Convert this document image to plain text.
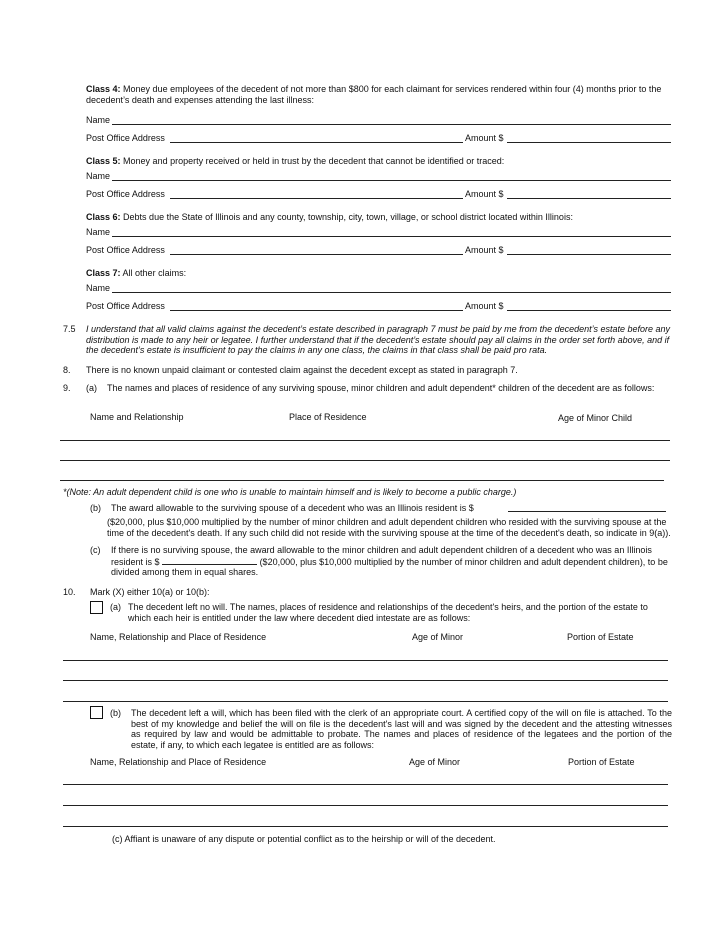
Class 4: Money due employees of the decedent of not more than $800 for each claimant for services rendered within four (4) months prior to the decedent’s death and expenses attending the last illness:
Name
Post Office Address	Amount $
Class 5: Money and property received or held in trust by the decedent that cannot be identified or traced:
Name
Post Office Address	Amount $
Class 6: Debts due the State of Illinois and any county, township, city, town, village, or school district located within Illinois:
Name
Post Office Address	Amount $
Class 7: All other claims:
Name
Post Office Address	Amount $
7.5 I understand that all valid claims against the decedent’s estate described in paragraph 7 must be paid by me from the decedent’s estate before any distribution is made to any heir or legatee. I further understand that if the decedent’s estate should pay all claims in the order set forth above, and if the decedent’s estate is insufficient to pay the claims in any one class, the claims in that class shall be paid pro rata.
8. There is no known unpaid claimant or contested claim against the decedent except as stated in paragraph 7.
9. (a) The names and places of residence of any surviving spouse, minor children and adult dependent* children of the decedent are as follows:
Name and Relationship	Place of Residence	Age of Minor Child
*(Note: An adult dependent child is one who is unable to maintain himself and is likely to become a public charge.)
(b) The award allowable to the surviving spouse of a decedent who was an Illinois resident is $
($20,000, plus $10,000 multiplied by the number of minor children and adult dependent children who resided with the surviving spouse at the time of the decedent's death. If any such child did not reside with the surviving spouse at the time of the decedent's death, so indicate in 9(a)).
(c) If there is no surviving spouse, the award allowable to the minor children and adult dependent children of a decedent who was an Illinois resident is $	($20,000, plus $10,000 multiplied by the number of minor children and adult dependent children), to be divided among them in equal shares.
10. Mark (X) either 10(a) or 10(b):
(a) The decedent left no will. The names, places of residence and relationships of the decedent's heirs, and the portion of the estate to which each heir is entitled under the law where decedent died intestate are as follows:
Name, Relationship and Place of Residence	Age of Minor	Portion of Estate
(b) The decedent left a will, which has been filed with the clerk of an appropriate court. A certified copy of the will on file is attached. To the best of my knowledge and belief the will on file is the decedent's last will and was signed by the decedent and the attesting witnesses as required by law and would be admittable to probate. The names and places of residence of the legatees and the portion of the estate, if any, to which each legatee is entitled are as follows:
Name, Relationship and Place of Residence	Age of Minor	Portion of Estate
(c) Affiant is unaware of any dispute or potential conflict as to the heirship or will of the decedent.
